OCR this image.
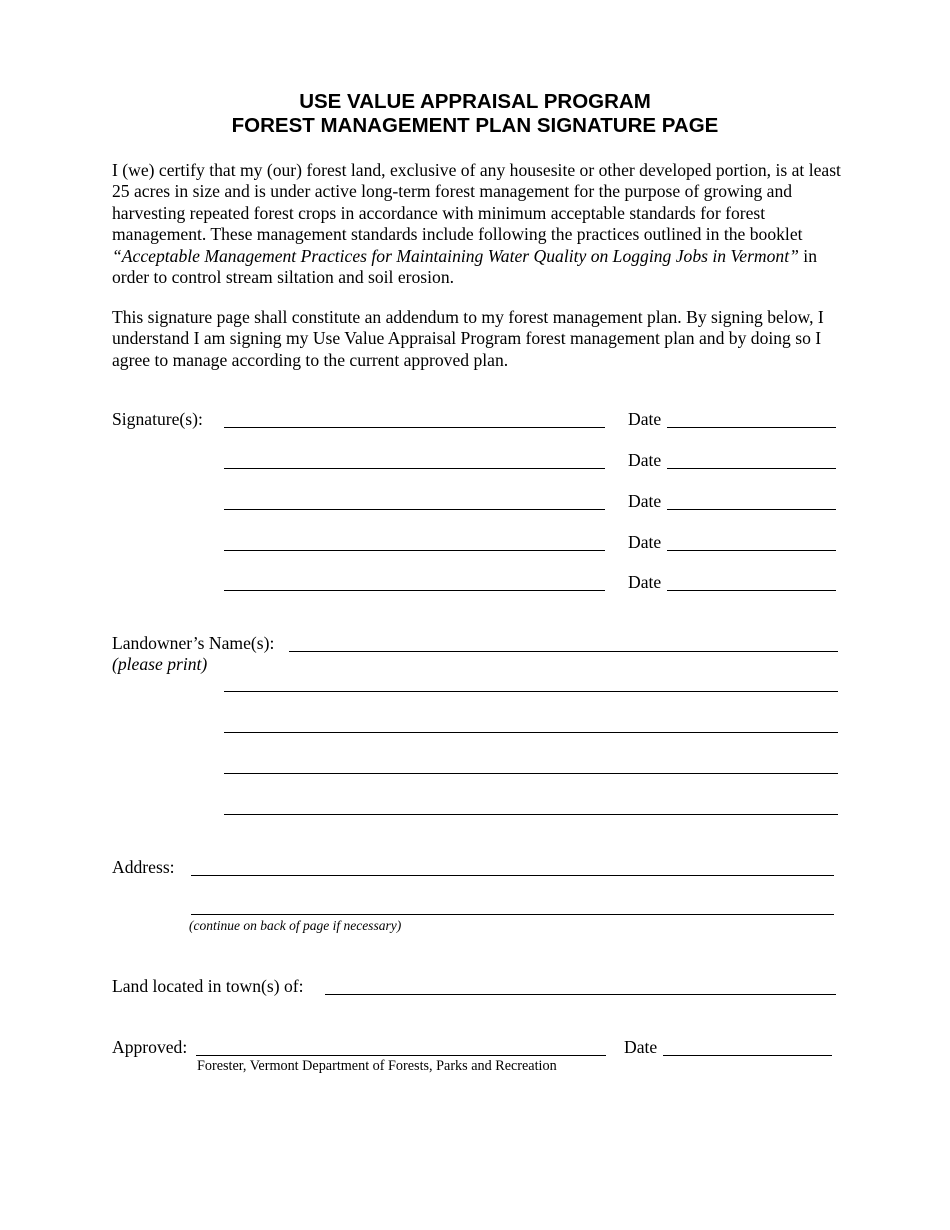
USE VALUE APPRAISAL PROGRAM
FOREST MANAGEMENT PLAN SIGNATURE PAGE
I (we) certify that my (our) forest land, exclusive of any housesite or other developed portion, is at least 25 acres in size and is under active long-term forest management for the purpose of growing and harvesting repeated forest crops in accordance with minimum acceptable standards for forest management. These management standards include following the practices outlined in the booklet “Acceptable Management Practices for Maintaining Water Quality on Logging Jobs in Vermont” in order to control stream siltation and soil erosion.
This signature page shall constitute an addendum to my forest management plan. By signing below, I understand I am signing my Use Value Appraisal Program forest management plan and by doing so I agree to manage according to the current approved plan.
Signature(s):	Date
Date
Date
Date
Date
Landowner’s Name(s):
(please print)
Address:
(continue on back of page if necessary)
Land located in town(s) of:
Approved:
Forester, Vermont Department of Forests, Parks and Recreation
Date
